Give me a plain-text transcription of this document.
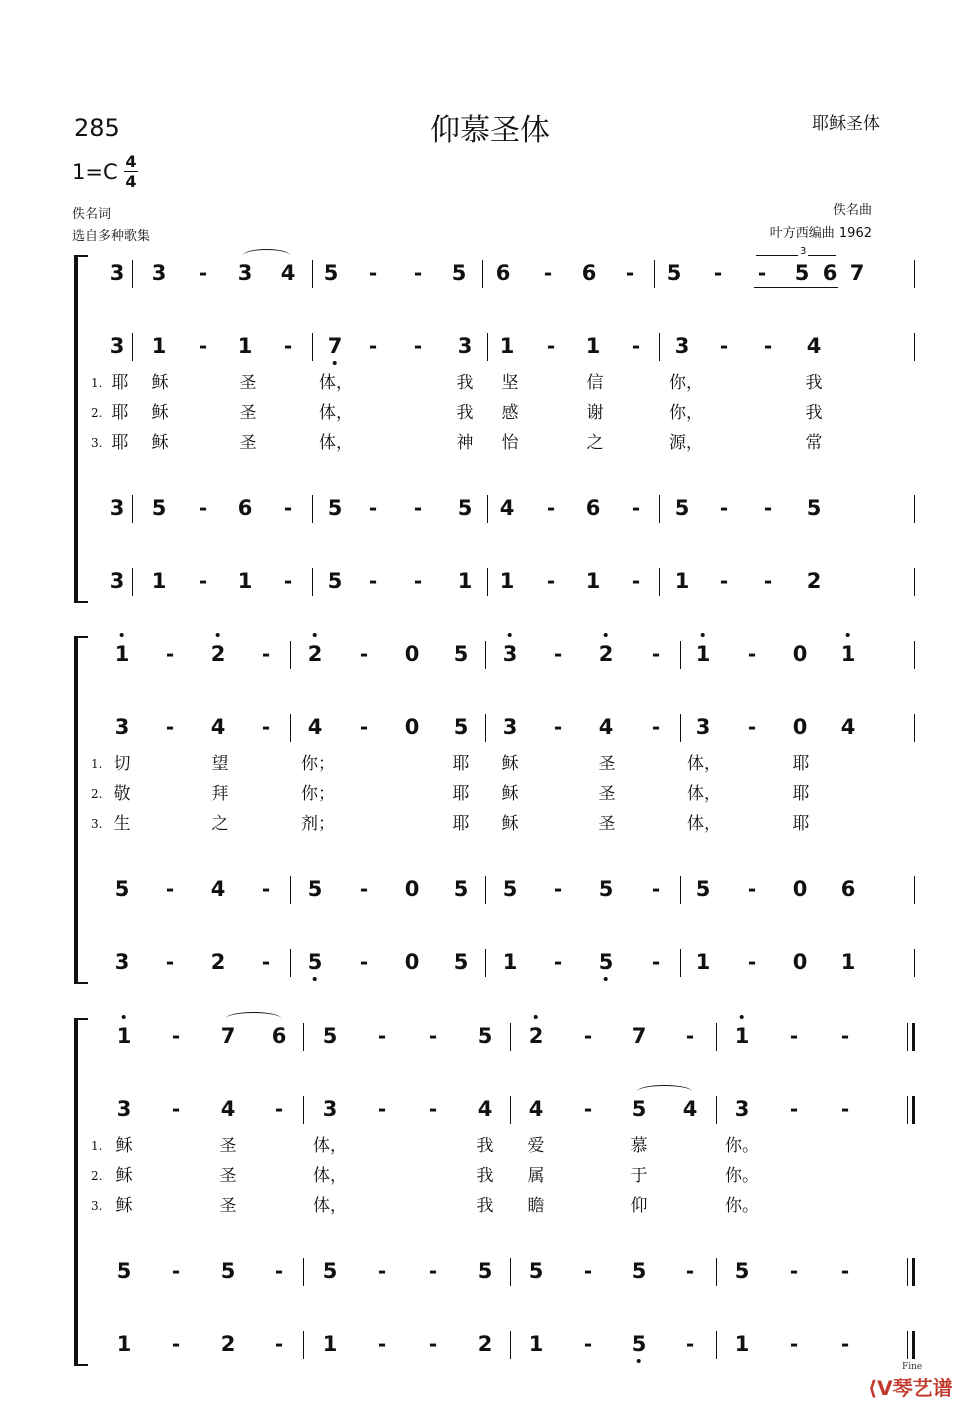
285	仰慕圣体	耶稣圣体
1=C 4
4
佚名词
选自多种歌集
佚名曲
叶方西编曲 1962
3 3 - 3 4 5 - - 5 6 - 6 - 5 - - 5 6 7
3
3 1 - 1 - 7 - - 3 1 - 1 - 3 - - 4
3 5 - 6 - 5 - - 5 4 - 6 - 5 - - 5
3 1 - 1 - 5 - - 1 1 - 1 - 1 - - 2
1. 耶 稣	圣	体，	我 坚	信	你，	我
2. 耶 稣	圣	体，	我 感	谢	你，	我
3. 耶 稣	圣	体，	神 怡	之	源，	常
1 - 2 - 2 - 0 5 3 - 2 - 1 - 0 1
3 - 4 - 4 - 0 5 3 - 4 - 3 - 0 4
5 - 4 - 5 - 0 5 5 - 5 - 5 - 0 6
3 - 2 - 5 - 0 5 1 - 5 - 1 - 0 1
1. 切	望	你；	耶 稣	圣	体，	耶
2. 敬	拜	你；	耶 稣	圣	体，	耶
3. 生	之	剂；	耶 稣	圣	体，	耶
1 - 7 6 5 - - 5 2 - 7 - 1 - -
3 - 4 - 3 - - 4 4 - 5 4 3 - -
5 - 5 - 5 - - 5 5 - 5 - 5 - -
1 - 2 - 1 - - 2 1 - 5 - 1 - -
1. 稣	圣	体，	我 爱	慕	你。
2. 稣	圣	体，	我 属	于	你。
3. 稣	圣	体，	我 瞻	仰	你。
Fine
⟨ᐯ琴艺谱
